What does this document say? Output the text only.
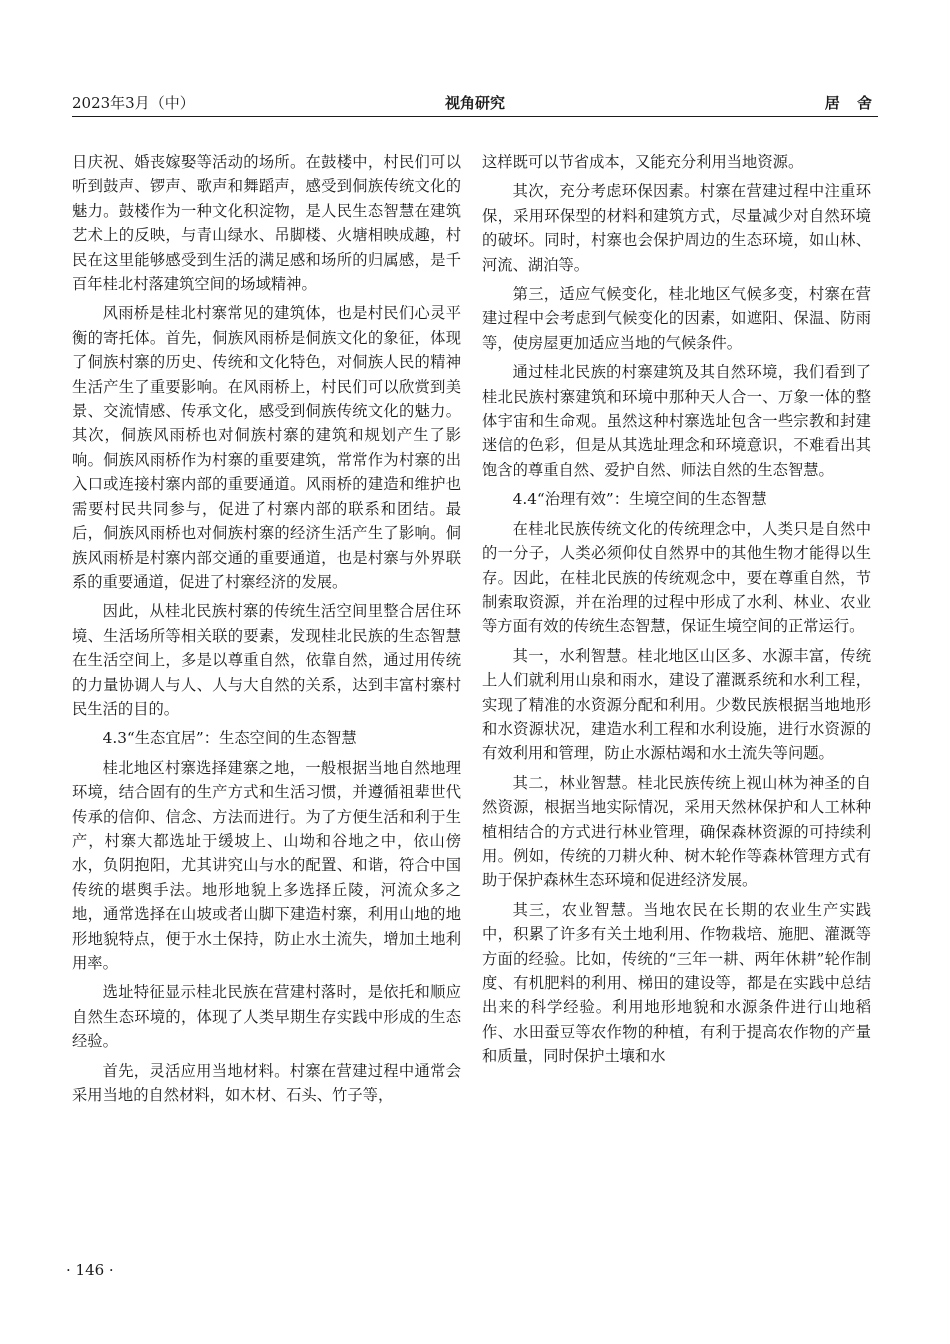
2023年3月（中）	视角研究	居 舍

日庆祝、婚丧嫁娶等活动的场所。在鼓楼中，村民们可以听到鼓声、锣声、歌声和舞蹈声，感受到侗族传统文化的魅力。鼓楼作为一种文化积淀物，是人民生态智慧在建筑艺术上的反映，与青山绿水、吊脚楼、火塘相映成趣，村民在这里能够感受到生活的满足感和场所的归属感，是千百年桂北村落建筑空间的场域精神。

风雨桥是桂北村寨常见的建筑体，也是村民们心灵平衡的寄托体。首先，侗族风雨桥是侗族文化的象征，体现了侗族村寨的历史、传统和文化特色，对侗族人民的精神生活产生了重要影响。在风雨桥上，村民们可以欣赏到美景、交流情感、传承文化，感受到侗族传统文化的魅力。其次，侗族风雨桥也对侗族村寨的建筑和规划产生了影响。侗族风雨桥作为村寨的重要建筑，常常作为村寨的出入口或连接村寨内部的重要通道。风雨桥的建造和维护也需要村民共同参与，促进了村寨内部的联系和团结。最后，侗族风雨桥也对侗族村寨的经济生活产生了影响。侗族风雨桥是村寨内部交通的重要通道，也是村寨与外界联系的重要通道，促进了村寨经济的发展。

因此，从桂北民族村寨的传统生活空间里整合居住环境、生活场所等相关联的要素，发现桂北民族的生态智慧在生活空间上，多是以尊重自然，依靠自然，通过用传统的力量协调人与人、人与大自然的关系，达到丰富村寨村民生活的目的。

4.3“生态宜居”：生态空间的生态智慧

桂北地区村寨选择建寨之地，一般根据当地自然地理环境，结合固有的生产方式和生活习惯，并遵循祖辈世代传承的信仰、信念、方法而进行。为了方便生活和利于生产，村寨大都选址于缓坡上、山坳和谷地之中，依山傍水，负阴抱阳，尤其讲究山与水的配置、和谐，符合中国传统的堪舆手法。地形地貌上多选择丘陵，河流众多之地，通常选择在山坡或者山脚下建造村寨，利用山地的地形地貌特点，便于水土保持，防止水土流失，增加土地利用率。

选址特征显示桂北民族在营建村落时，是依托和顺应自然生态环境的，体现了人类早期生存实践中形成的生态经验。

首先，灵活应用当地材料。村寨在营建过程中通常会采用当地的自然材料，如木材、石头、竹子等，

这样既可以节省成本，又能充分利用当地资源。

其次，充分考虑环保因素。村寨在营建过程中注重环保，采用环保型的材料和建筑方式，尽量减少对自然环境的破坏。同时，村寨也会保护周边的生态环境，如山林、河流、湖泊等。

第三，适应气候变化，桂北地区气候多变，村寨在营建过程中会考虑到气候变化的因素，如遮阳、保温、防雨等，使房屋更加适应当地的气候条件。

通过桂北民族的村寨建筑及其自然环境，我们看到了桂北民族村寨建筑和环境中那种天人合一、万象一体的整体宇宙和生命观。虽然这种村寨选址包含一些宗教和封建迷信的色彩，但是从其选址理念和环境意识，不难看出其饱含的尊重自然、爱护自然、师法自然的生态智慧。

4.4“治理有效”：生境空间的生态智慧

在桂北民族传统文化的传统理念中，人类只是自然中的一分子，人类必须仰仗自然界中的其他生物才能得以生存。因此，在桂北民族的传统观念中，要在尊重自然，节制索取资源，并在治理的过程中形成了水利、林业、农业等方面有效的传统生态智慧，保证生境空间的正常运行。

其一，水利智慧。桂北地区山区多、水源丰富，传统上人们就利用山泉和雨水，建设了灌溉系统和水利工程，实现了精准的水资源分配和利用。少数民族根据当地地形和水资源状况，建造水利工程和水利设施，进行水资源的有效利用和管理，防止水源枯竭和水土流失等问题。

其二，林业智慧。桂北民族传统上视山林为神圣的自然资源，根据当地实际情况，采用天然林保护和人工林种植相结合的方式进行林业管理，确保森林资源的可持续利用。例如，传统的刀耕火种、树木轮作等森林管理方式有助于保护森林生态环境和促进经济发展。

其三，农业智慧。当地农民在长期的农业生产实践中，积累了许多有关土地利用、作物栽培、施肥、灌溉等方面的经验。比如，传统的“三年一耕、两年休耕”轮作制度、有机肥料的利用、梯田的建设等，都是在实践中总结出来的科学经验。利用地形地貌和水源条件进行山地稻作、水田蚕豆等农作物的种植，有利于提高农作物的产量和质量，同时保护土壤和水

· 146 ·
